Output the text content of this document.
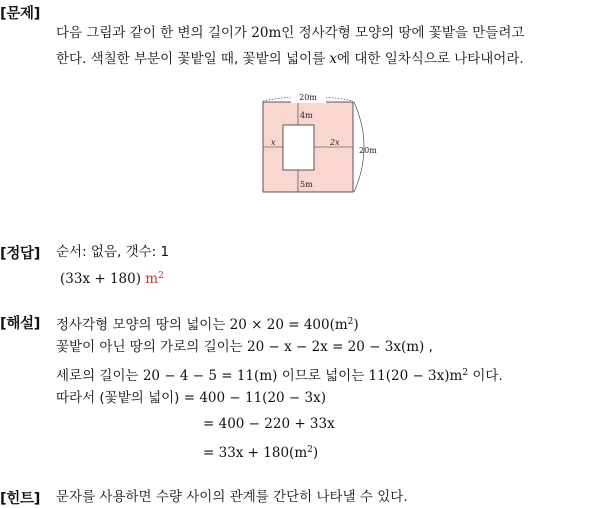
[문제]
다음 그림과 같이 한 변의 길이가 20m인 정사각형 모양의 땅에 꽃밭을 만들려고
한다. 색칠한 부분이 꽃밭일 때, 꽃밭의 넓이를 x에 대한 일차식으로 나타내어라.
20m
20m
4m
5m
x	2x
[정답] 순서: 없음, 갯수: 1
(33x + 180) $m^2$
[해설] 정사각형 모양의 땅의 넓이는 $20 \times 20 = 400(m^2)$
꽃밭이 아닌 땅의 가로의 길이는 20 − x − 2x = 20 − 3x(m) ,
세로의 길이는 20 − 4 − 5 = 11(m) 이므로 넓이는 $11(20 - 3x)m^2$ 이다.
따라서 (꽃밭의 넓이) = 400 − 11(20 − 3x)
= 400 − 220 + 33x
= $33x + 180(m^2)$
[힌트] 문자를 사용하면 수량 사이의 관계를 간단히 나타낼 수 있다.
